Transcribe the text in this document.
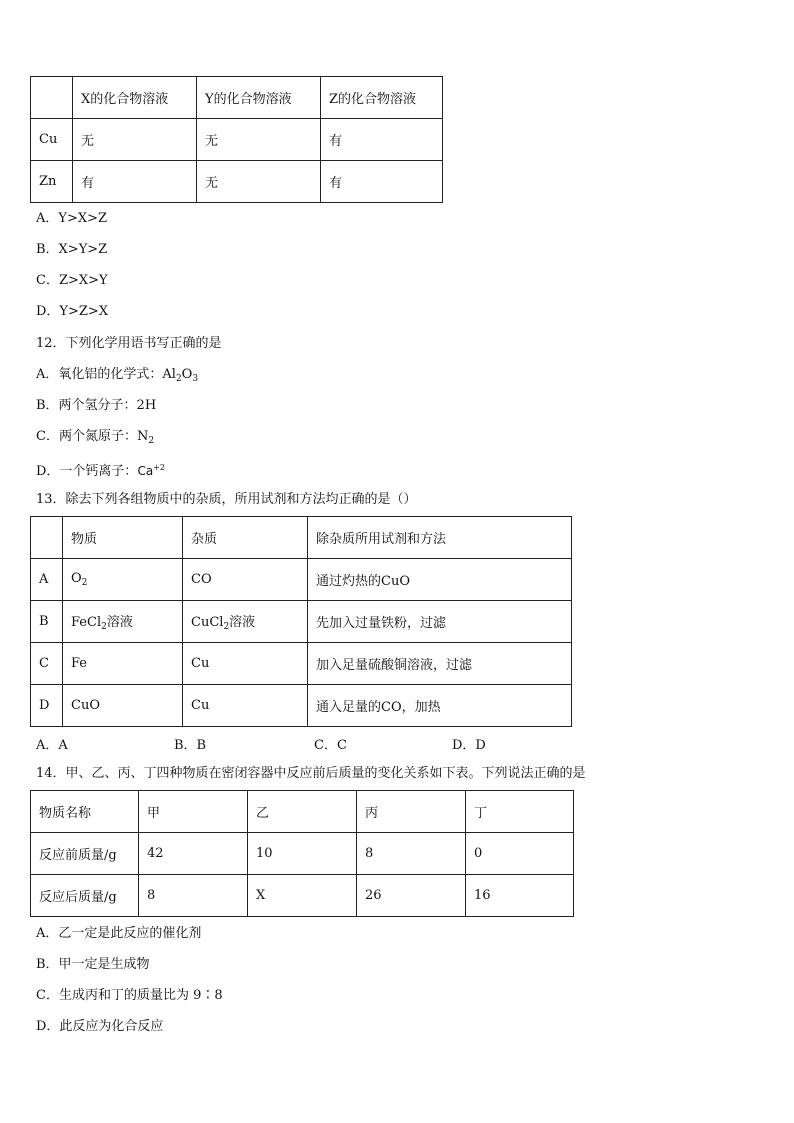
	X的化合物溶液	Y的化合物溶液	Z的化合物溶液
Cu	无	无	有
Zn	有	无	有
A．Y>X>Z
B．X>Y>Z
C．Z>X>Y
D．Y>Z>X
12．下列化学用语书写正确的是
A．氧化铝的化学式：$Al_2O_3$
B．两个氢分子：2H
C．两个氮原子：$N_2$
D．一个钙离子：$Ca^{+2}$
13．除去下列各组物质中的杂质，所用试剂和方法均正确的是（）
	物质	杂质	除杂质所用试剂和方法
A	$O_2$	CO	通过灼热的CuO
B	FeCl$_2$溶液	CuCl$_2$溶液	先加入过量铁粉，过滤
C	Fe	Cu	加入足量硫酸铜溶液，过滤
D	CuO	Cu	通入足量的CO，加热
A．A	B．B	C．C	D．D
14．甲、乙、丙、丁四种物质在密闭容器中反应前后质量的变化关系如下表。下列说法正确的是
物质名称	甲	乙	丙	丁
反应前质量/g	42	10	8	0
反应后质量/g	8	X	26	16
A．乙一定是此反应的催化剂
B．甲一定是生成物
C．生成丙和丁的质量比为 9∶8
D．此反应为化合反应
